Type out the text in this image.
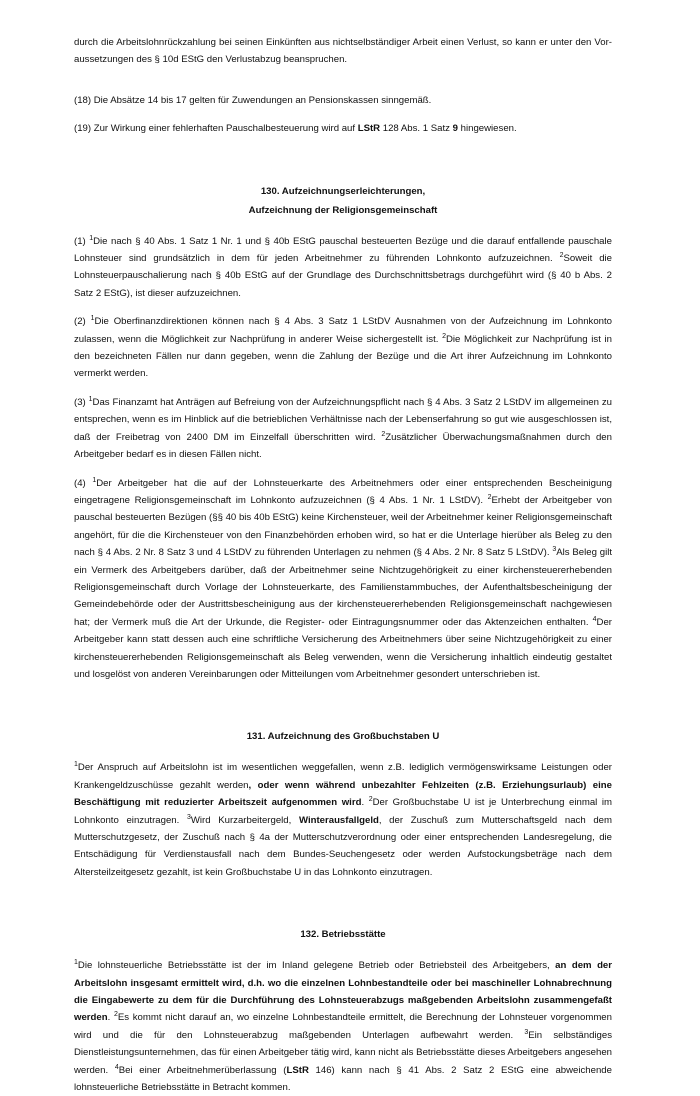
durch die Arbeitslohnrückzahlung bei seinen Einkünften aus nichtselbständiger Arbeit einen Verlust, so kann er unter den Voraussetzungen des § 10d EStG den Verlustabzug beanspruchen.

(18) Die Absätze 14 bis 17 gelten für Zuwendungen an Pensionskassen sinngemäß.

(19) Zur Wirkung einer fehlerhaften Pauschalbesteuerung wird auf LStR 128 Abs. 1 Satz 9 hingewiesen.

130. Aufzeichnungserleichterungen,

Aufzeichnung der Religionsgemeinschaft

(1) $^1$Die nach § 40 Abs. 1 Satz 1 Nr. 1 und § 40b EStG pauschal besteuerten Bezüge und die darauf entfallende pauschale Lohnsteuer sind grundsätzlich in dem für jeden Arbeitnehmer zu führenden Lohnkonto aufzuzeichnen. $^2$Soweit die Lohnsteuerpauschalierung nach § 40b EStG auf der Grundlage des Durchschnittsbetrags durchgeführt wird (§ 40 b Abs. 2 Satz 2 EStG), ist dieser aufzuzeichnen.

(2) $^1$Die Oberfinanzdirektionen können nach § 4 Abs. 3 Satz 1 LStDV Ausnahmen von der Aufzeichnung im Lohnkonto zulassen, wenn die Möglichkeit zur Nachprüfung in anderer Weise sichergestellt ist. $^2$Die Möglichkeit zur Nachprüfung ist in den bezeichneten Fällen nur dann gegeben, wenn die Zahlung der Bezüge und die Art ihrer Aufzeichnung im Lohnkonto vermerkt werden.

(3) $^1$Das Finanzamt hat Anträgen auf Befreiung von der Aufzeichnungspflicht nach § 4 Abs. 3 Satz 2 LStDV im allgemeinen zu entsprechen, wenn es im Hinblick auf die betrieblichen Verhältnisse nach der Lebenserfahrung so gut wie ausgeschlossen ist, daß der Freibetrag von 2400 DM im Einzelfall überschritten wird. $^2$Zusätzlicher Überwachungsmaßnahmen durch den Arbeitgeber bedarf es in diesen Fällen nicht.

(4) $^1$Der Arbeitgeber hat die auf der Lohnsteuerkarte des Arbeitnehmers oder einer entsprechenden Bescheinigung eingetragene Religionsgemeinschaft im Lohnkonto aufzuzeichnen (§ 4 Abs. 1 Nr. 1 LStDV). $^2$Erhebt der Arbeitgeber von pauschal besteuerten Bezügen (§§ 40 bis 40b EStG) keine Kirchensteuer, weil der Arbeitnehmer keiner Religionsgemeinschaft angehört, für die die Kirchensteuer von den Finanzbehörden erhoben wird, so hat er die Unterlage hierüber als Beleg zu den nach § 4 Abs. 2 Nr. 8 Satz 3 und 4 LStDV zu führenden Unterlagen zu nehmen (§ 4 Abs. 2 Nr. 8 Satz 5 LStDV). $^3$Als Beleg gilt ein Vermerk des Arbeitgebers darüber, daß der Arbeitnehmer seine Nichtzugehörigkeit zu einer kirchensteuererhebenden Religionsgemeinschaft durch Vorlage der Lohnsteuerkarte, des Familienstammbuches, der Aufenthaltsbescheinigung der Gemeindebehörde oder der Austrittsbescheinigung aus der kirchensteuererhebenden Religionsgemeinschaft nachgewiesen hat; der Vermerk muß die Art der Urkunde, die Register- oder Eintragungsnummer oder das Aktenzeichen enthalten. $^4$Der Arbeitgeber kann statt dessen auch eine schriftliche Versicherung des Arbeitnehmers über seine Nichtzugehörigkeit zu einer kirchensteuererhebenden Religionsgemeinschaft als Beleg verwenden, wenn die Versicherung inhaltlich eindeutig gestaltet und losgelöst von anderen Vereinbarungen oder Mitteilungen vom Arbeitnehmer gesondert unterschrieben ist.

131. Aufzeichnung des Großbuchstaben U

$^1$Der Anspruch auf Arbeitslohn ist im wesentlichen weggefallen, wenn z.B. lediglich vermögenswirksame Leistungen oder Krankengeldzuschüsse gezahlt werden, oder wenn während unbezahlter Fehlzeiten (z.B. Erziehungsurlaub) eine Beschäftigung mit reduzierter Arbeitszeit aufgenommen wird. $^2$Der Großbuchstabe U ist je Unterbrechung einmal im Lohnkonto einzutragen. $^3$Wird Kurzarbeitergeld, Winterausfallgeld, der Zuschuß zum Mutterschaftsgeld nach dem Mutterschutzgesetz, der Zuschuß nach § 4a der Mutterschutzverordnung oder einer entsprechenden Landesregelung, die Entschädigung für Verdienstausfall nach dem Bundes-Seuchengesetz oder werden Aufstockungsbeträge nach dem Altersteilzeitgesetz gezahlt, ist kein Großbuchstabe U in das Lohnkonto einzutragen.

132. Betriebsstätte

$^1$Die lohnsteuerliche Betriebsstätte ist der im Inland gelegene Betrieb oder Betriebsteil des Arbeitgebers, an dem der Arbeitslohn insgesamt ermittelt wird, d.h. wo die einzelnen Lohnbestandteile oder bei maschineller Lohnabrechnung die Eingabewerte zu dem für die Durchführung des Lohnsteuerabzugs maßgebenden Arbeitslohn zusammengefaßt werden. $^2$Es kommt nicht darauf an, wo einzelne Lohnbestandteile ermittelt, die Berechnung der Lohnsteuer vorgenommen wird und die für den Lohnsteuerabzug maßgebenden Unterlagen aufbewahrt werden. $^3$Ein selbständiges Dienstleistungsunternehmen, das für einen Arbeitgeber tätig wird, kann nicht als Betriebsstätte dieses Arbeitgebers angesehen werden. $^4$Bei einer Arbeitnehmerüberlassung (LStR 146) kann nach § 41 Abs. 2 Satz 2 EStG eine abweichende lohnsteuerliche Betriebsstätte in Betracht kommen.
